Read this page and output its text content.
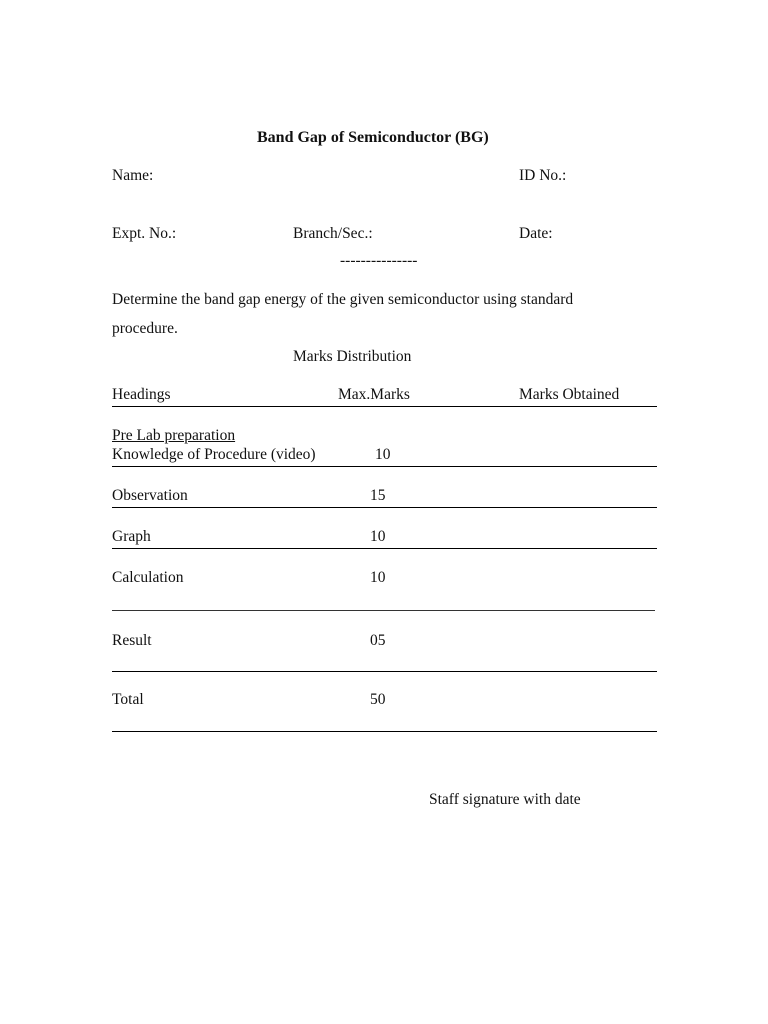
Band Gap of Semiconductor (BG)
Name:	ID No.:
Expt. No.:	Branch/Sec.:	Date:
---------------
Determine the band gap energy of the given semiconductor using standard
procedure.
Marks Distribution
Headings	Max.Marks	Marks Obtained
Pre Lab preparation
Knowledge of Procedure (video)	10
Observation	15
Graph	10
Calculation	10
Result	05
Total	50
Staff signature with date
